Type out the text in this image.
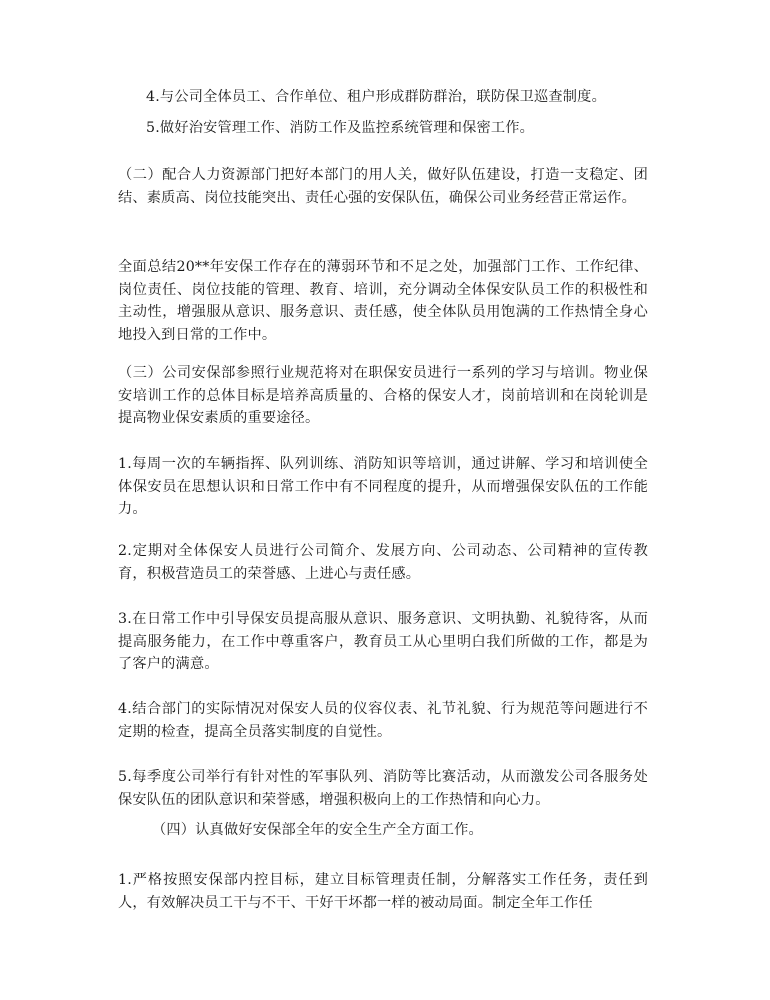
4.与公司全体员工、合作单位、租户形成群防群治，联防保卫巡查制度。

5.做好治安管理工作、消防工作及监控系统管理和保密工作。

（二）配合人力资源部门把好本部门的用人关，做好队伍建设，打造一支稳定、团结、素质高、岗位技能突出、责任心强的安保队伍，确保公司业务经营正常运作。

全面总结20**年安保工作存在的薄弱环节和不足之处，加强部门工作、工作纪律、岗位责任、岗位技能的管理、教育、培训，充分调动全体保安队员工作的积极性和主动性，增强服从意识、服务意识、责任感，使全体队员用饱满的工作热情全身心地投入到日常的工作中。

（三）公司安保部参照行业规范将对在职保安员进行一系列的学习与培训。物业保安培训工作的总体目标是培养高质量的、合格的保安人才，岗前培训和在岗轮训是提高物业保安素质的重要途径。

1.每周一次的车辆指挥、队列训练、消防知识等培训，通过讲解、学习和培训使全体保安员在思想认识和日常工作中有不同程度的提升，从而增强保安队伍的工作能力。

2.定期对全体保安人员进行公司简介、发展方向、公司动态、公司精神的宣传教育，积极营造员工的荣誉感、上进心与责任感。

3.在日常工作中引导保安员提高服从意识、服务意识、文明执勤、礼貌待客，从而提高服务能力，在工作中尊重客户，教育员工从心里明白我们所做的工作，都是为了客户的满意。

4.结合部门的实际情况对保安人员的仪容仪表、礼节礼貌、行为规范等问题进行不定期的检查，提高全员落实制度的自觉性。

5.每季度公司举行有针对性的军事队列、消防等比赛活动，从而激发公司各服务处保安队伍的团队意识和荣誉感，增强积极向上的工作热情和向心力。

（四）认真做好安保部全年的安全生产全方面工作。

1.严格按照安保部内控目标，建立目标管理责任制，分解落实工作任务，责任到人，有效解决员工干与不干、干好干坏都一样的被动局面。制定全年工作任
